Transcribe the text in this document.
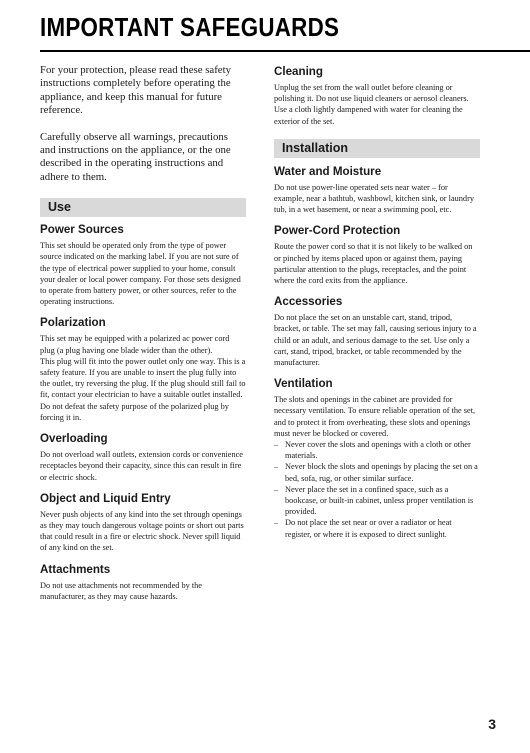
IMPORTANT SAFEGUARDS

For your protection, please read these safety instructions completely before operating the appliance, and keep this manual for future reference.

Carefully observe all warnings, precautions and instructions on the appliance, or the one described in the operating instructions and adhere to them.

Use
Power Sources

This set should be operated only from the type of power source indicated on the marking label. If you are not sure of the type of electrical power supplied to your home, consult your dealer or local power company. For those sets designed to operate from battery power, or other sources, refer to the operating instructions.

Polarization

This set may be equipped with a polarized ac power cord plug (a plug having one blade wider than the other).

This plug will fit into the power outlet only one way. This is a safety feature. If you are unable to insert the plug fully into the outlet, try reversing the plug. If the plug should still fail to fit, contact your electrician to have a suitable outlet installed. Do not defeat the safety purpose of the polarized plug by forcing it in.

Overloading

Do not overload wall outlets, extension cords or convenience receptacles beyond their capacity, since this can result in fire or electric shock.

Object and Liquid Entry

Never push objects of any kind into the set through openings as they may touch dangerous voltage points or short out parts that could result in a fire or electric shock. Never spill liquid of any kind on the set.

Attachments

Do not use attachments not recommended by the manufacturer, as they may cause hazards.

Cleaning

Unplug the set from the wall outlet before cleaning or polishing it. Do not use liquid cleaners or aerosol cleaners. Use a cloth lightly dampened with water for cleaning the exterior of the set.

Installation
Water and Moisture

Do not use power-line operated sets near water – for example, near a bathtub, washbowl, kitchen sink, or laundry tub, in a wet basement, or near a swimming pool, etc.

Power-Cord Protection

Route the power cord so that it is not likely to be walked on or pinched by items placed upon or against them, paying particular attention to the plugs, receptacles, and the point where the cord exits from the appliance.

Accessories

Do not place the set on an unstable cart, stand, tripod, bracket, or table. The set may fall, causing serious injury to a child or an adult, and serious damage to the set. Use only a cart, stand, tripod, bracket, or table recommended by the manufacturer.

Ventilation

The slots and openings in the cabinet are provided for necessary ventilation. To ensure reliable operation of the set, and to protect it from overheating, these slots and openings must never be blocked or covered.

– Never cover the slots and openings with a cloth or other materials.
– Never block the slots and openings by placing the set on a bed, sofa, rug, or other similar surface.
– Never place the set in a confined space, such as a bookcase, or built-in cabinet, unless proper ventilation is provided.
– Do not place the set near or over a radiator or heat register, or where it is exposed to direct sunlight.
3
